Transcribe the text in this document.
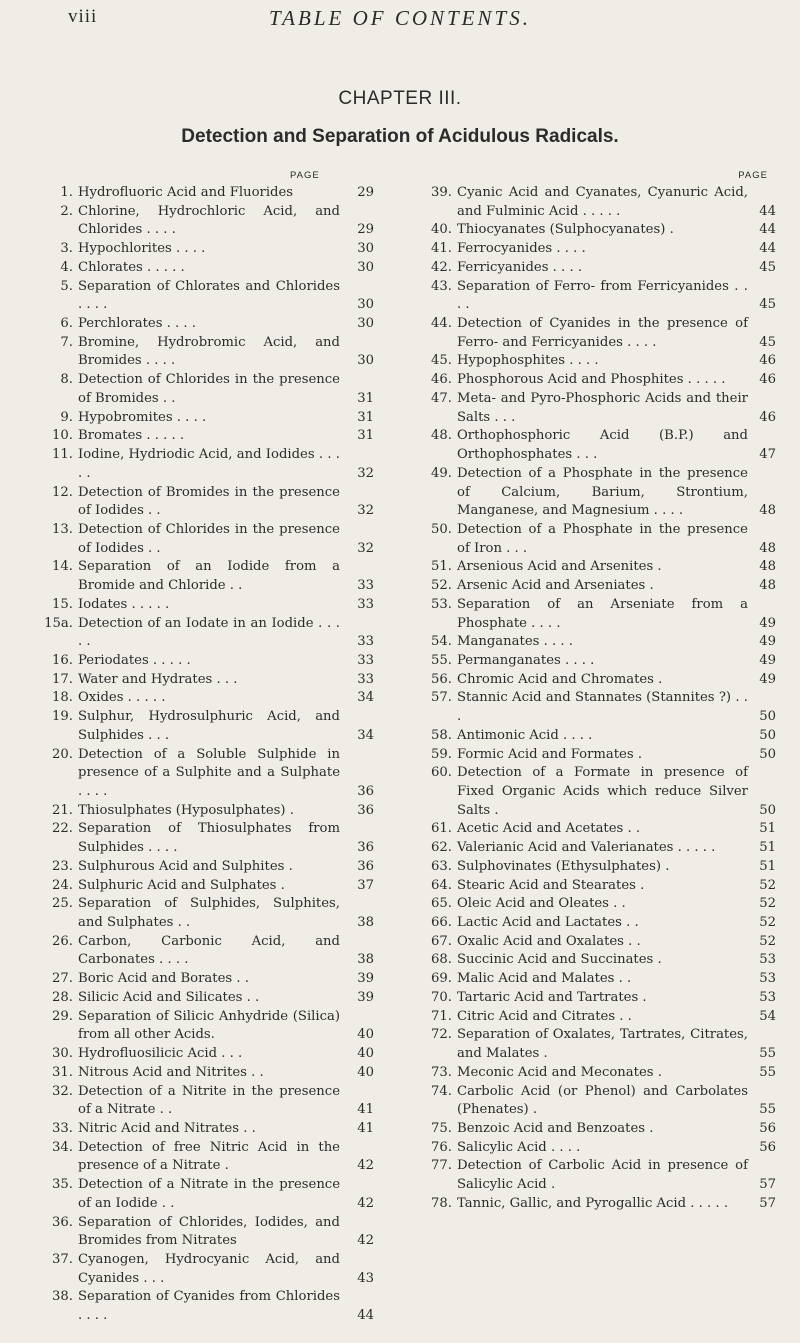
viii	TABLE OF CONTENTS.
CHAPTER III.
Detection and Separation of Acidulous Radicals.
PAGE
1. Hydrofluoric Acid and Fluorides	29
2. Chlorine, Hydrochloric Acid, and Chlorides . . . .	29
3. Hypochlorites . . . .	30
4. Chlorates . . . . .	30
5. Separation of Chlorates and Chlorides . . . .	30
6. Perchlorates . . . .	30
7. Bromine, Hydrobromic Acid, and Bromides . . . .	30
8. Detection of Chlorides in the presence of Bromides . .	31
9. Hypobromites . . . .	31
10. Bromates . . . . .	31
11. Iodine, Hydriodic Acid, and Iodides . . . . .	32
12. Detection of Bromides in the presence of Iodides . .	32
13. Detection of Chlorides in the presence of Iodides . .	32
14. Separation of an Iodide from a Bromide and Chloride . .	33
15. Iodates . . . . .	33
15a. Detection of an Iodate in an Iodide . . . . .	33
16. Periodates . . . . .	33
17. Water and Hydrates . . .	33
18. Oxides . . . . .	34
19. Sulphur, Hydrosulphuric Acid, and Sulphides . . .	34
20. Detection of a Soluble Sulphide in presence of a Sulphite and a Sulphate . . . .	36
21. Thiosulphates (Hyposulphates) .	36
22. Separation of Thiosulphates from Sulphides . . . .	36
23. Sulphurous Acid and Sulphites .	36
24. Sulphuric Acid and Sulphates .	37
25. Separation of Sulphides, Sulphites, and Sulphates . .	38
26. Carbon, Carbonic Acid, and Carbonates . . . .	38
27. Boric Acid and Borates . .	39
28. Silicic Acid and Silicates . .	39
29. Separation of Silicic Anhydride (Silica) from all other Acids.	40
30. Hydrofluosilicic Acid . . .	40
31. Nitrous Acid and Nitrites . .	40
32. Detection of a Nitrite in the presence of a Nitrate . .	41
33. Nitric Acid and Nitrates . .	41
34. Detection of free Nitric Acid in the presence of a Nitrate .	42
35. Detection of a Nitrate in the presence of an Iodide . .	42
36. Separation of Chlorides, Iodides, and Bromides from Nitrates	42
37. Cyanogen, Hydrocyanic Acid, and Cyanides . . .	43
38. Separation of Cyanides from Chlorides . . . .	44
PAGE
39. Cyanic Acid and Cyanates, Cyanuric Acid, and Fulminic Acid . . . . .	44
40. Thiocyanates (Sulphocyanates) .	44
41. Ferrocyanides . . . .	44
42. Ferricyanides . . . .	45
43. Separation of Ferro- from Ferricyanides . . . .	45
44. Detection of Cyanides in the presence of Ferro- and Ferricyanides . . . .	45
45. Hypophosphites . . . .	46
46. Phosphorous Acid and Phosphites . . . . .	46
47. Meta- and Pyro-Phosphoric Acids and their Salts . . .	46
48. Orthophosphoric Acid (B.P.) and Orthophosphates . . .	47
49. Detection of a Phosphate in the presence of Calcium, Barium, Strontium, Manganese, and Magnesium . . . .	48
50. Detection of a Phosphate in the presence of Iron . . .	48
51. Arsenious Acid and Arsenites .	48
52. Arsenic Acid and Arseniates .	48
53. Separation of an Arseniate from a Phosphate . . . .	49
54. Manganates . . . .	49
55. Permanganates . . . .	49
56. Chromic Acid and Chromates .	49
57. Stannic Acid and Stannates (Stannites ?) . . .	50
58. Antimonic Acid . . . .	50
59. Formic Acid and Formates .	50
60. Detection of a Formate in presence of Fixed Organic Acids which reduce Silver Salts .	50
61. Acetic Acid and Acetates . .	51
62. Valerianic Acid and Valerianates . . . . .	51
63. Sulphovinates (Ethysulphates) .	51
64. Stearic Acid and Stearates .	52
65. Oleic Acid and Oleates . .	52
66. Lactic Acid and Lactates . .	52
67. Oxalic Acid and Oxalates . .	52
68. Succinic Acid and Succinates .	53
69. Malic Acid and Malates . .	53
70. Tartaric Acid and Tartrates .	53
71. Citric Acid and Citrates . .	54
72. Separation of Oxalates, Tartrates, Citrates, and Malates .	55
73. Meconic Acid and Meconates .	55
74. Carbolic Acid (or Phenol) and Carbolates (Phenates) .	55
75. Benzoic Acid and Benzoates .	56
76. Salicylic Acid . . . .	56
77. Detection of Carbolic Acid in presence of Salicylic Acid .	57
78. Tannic, Gallic, and Pyrogallic Acid . . . . .	57
